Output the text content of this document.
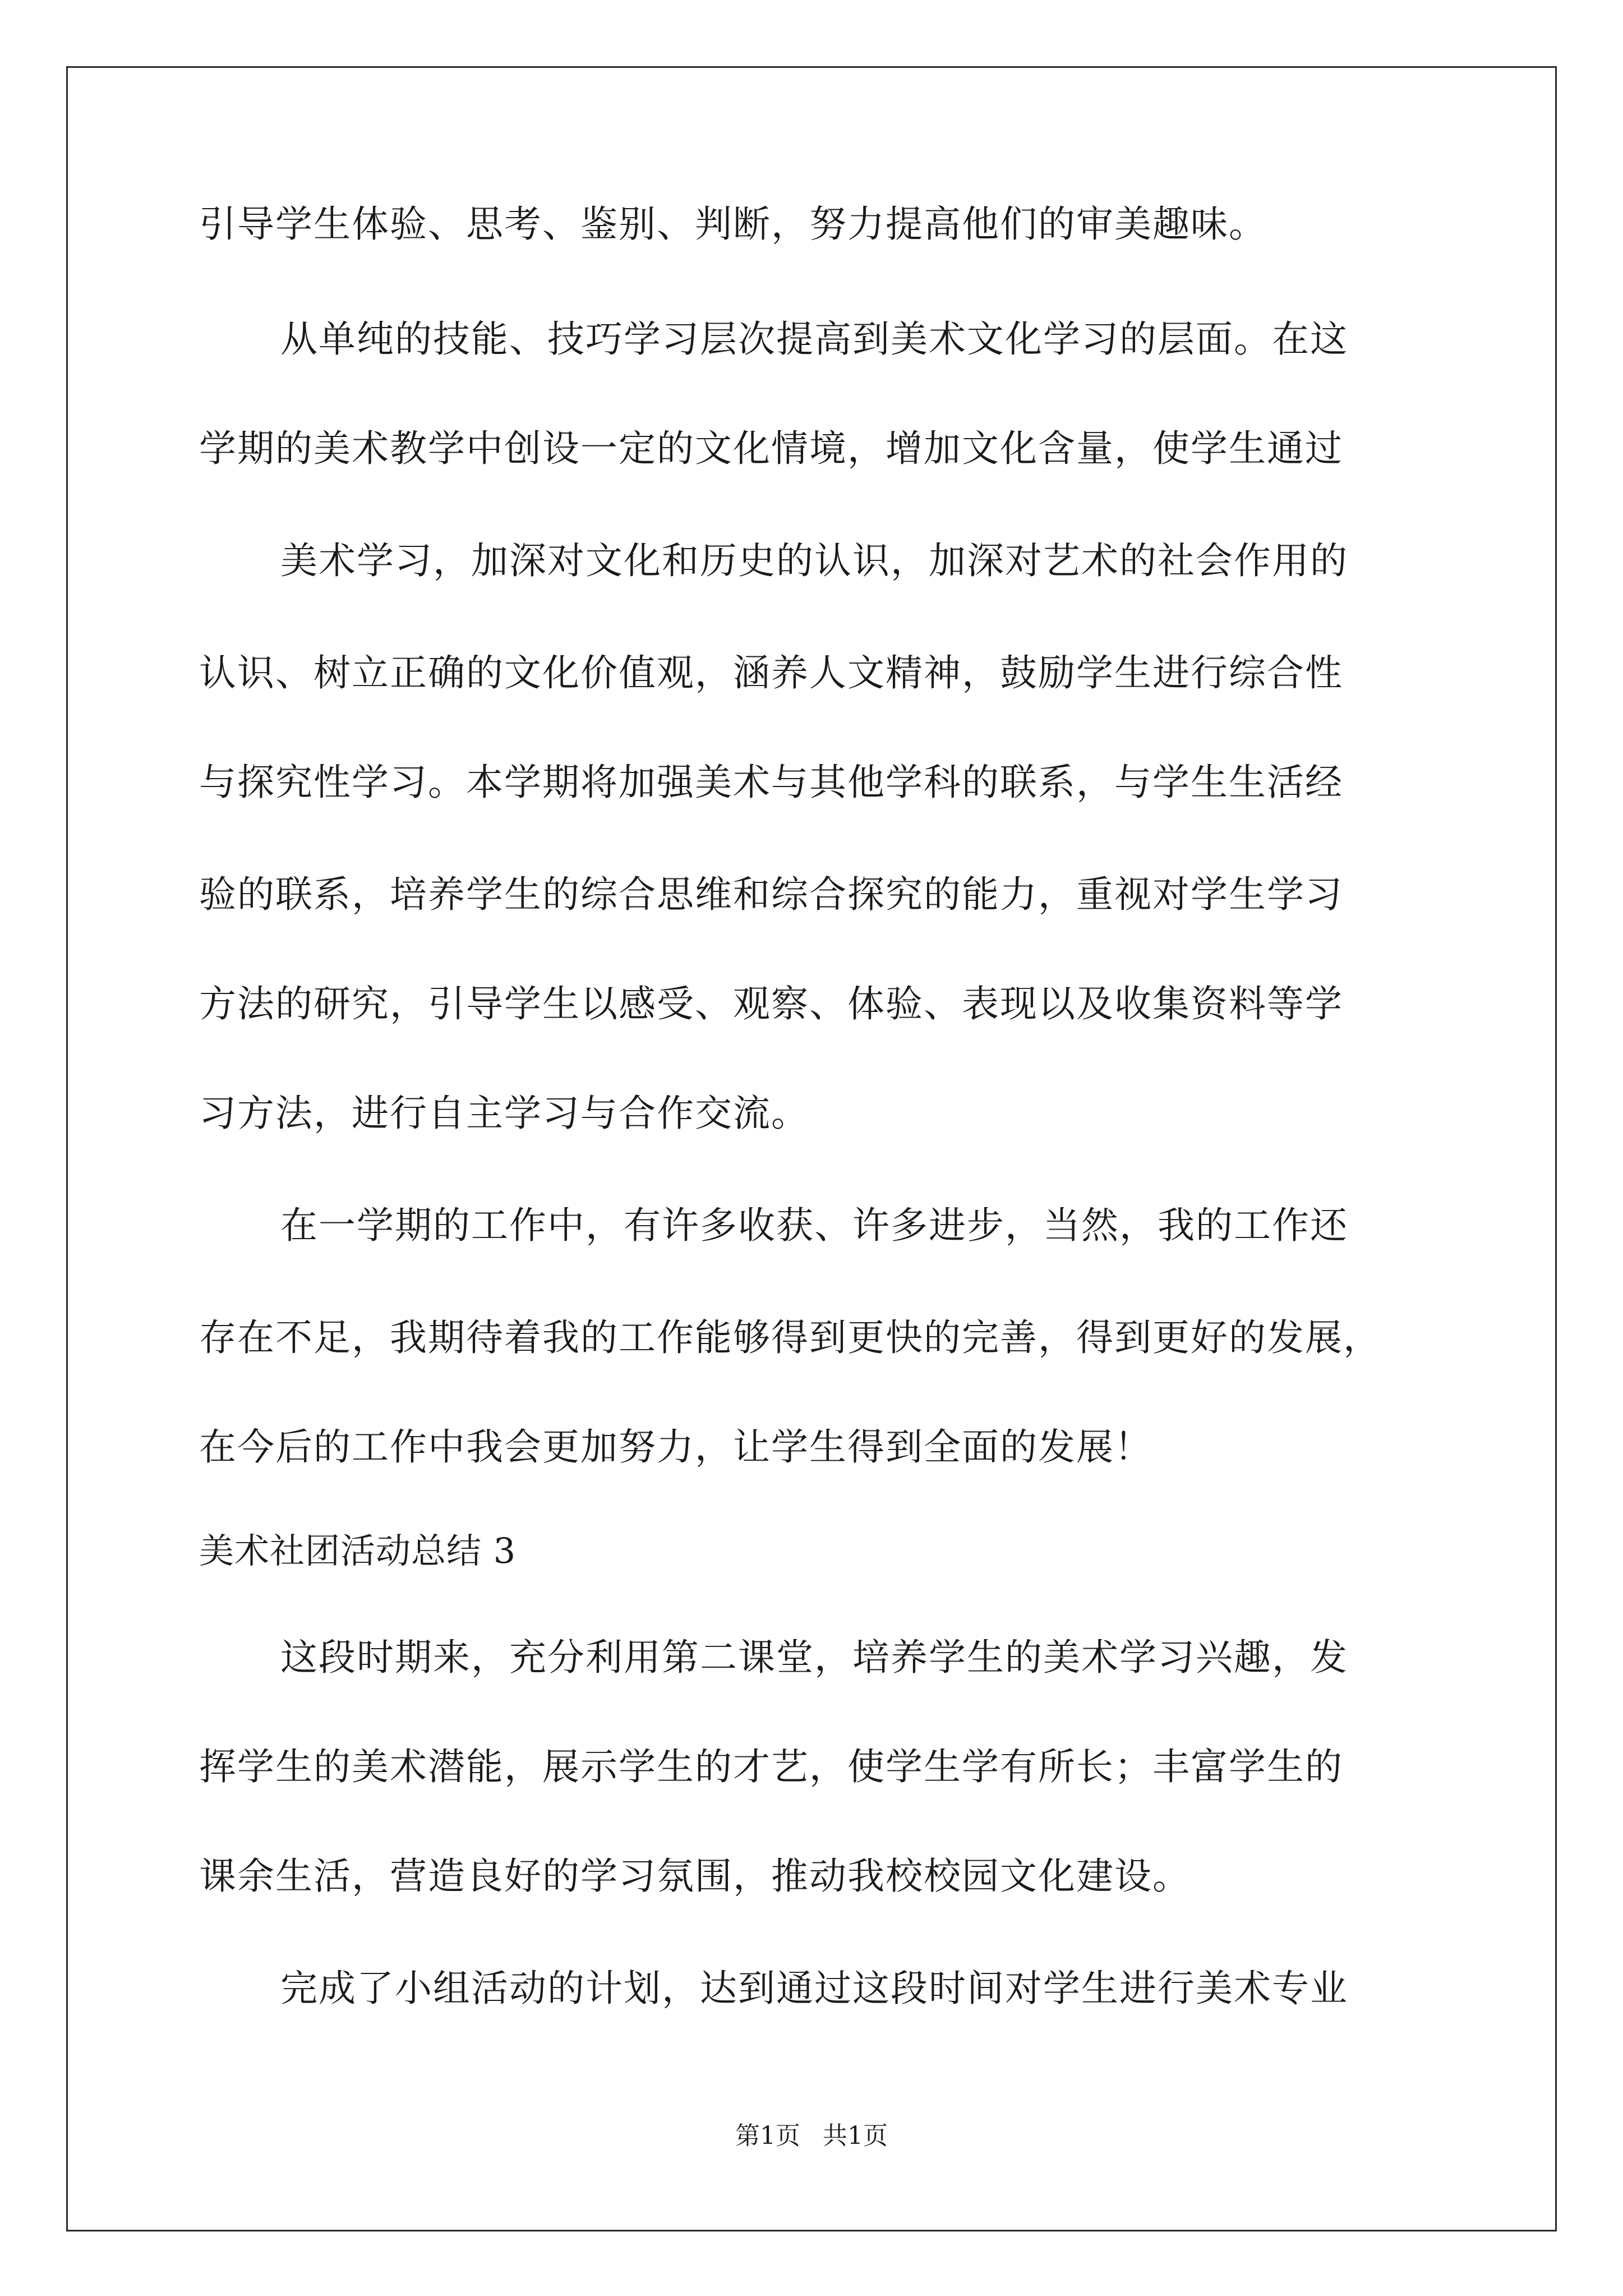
引导学生体验、思考、鉴别、判断，努力提高他们的审美趣味。
从单纯的技能、技巧学习层次提高到美术文化学习的层面。在这
学期的美术教学中创设一定的文化情境，增加文化含量，使学生通过
美术学习，加深对文化和历史的认识，加深对艺术的社会作用的
认识、树立正确的文化价值观，涵养人文精神，鼓励学生进行综合性
与探究性学习。本学期将加强美术与其他学科的联系，与学生生活经
验的联系，培养学生的综合思维和综合探究的能力，重视对学生学习
方法的研究，引导学生以感受、观察、体验、表现以及收集资料等学
习方法，进行自主学习与合作交流。
在一学期的工作中，有许多收获、许多进步，当然，我的工作还
存在不足，我期待着我的工作能够得到更快的完善，得到更好的发展，
在今后的工作中我会更加努力，让学生得到全面的发展！
美术社团活动总结 3
这段时期来，充分利用第二课堂，培养学生的美术学习兴趣，发
挥学生的美术潜能，展示学生的才艺，使学生学有所长；丰富学生的
课余生活，营造良好的学习氛围，推动我校校园文化建设。
完成了小组活动的计划，达到通过这段时间对学生进行美术专业
第1页 共1页
